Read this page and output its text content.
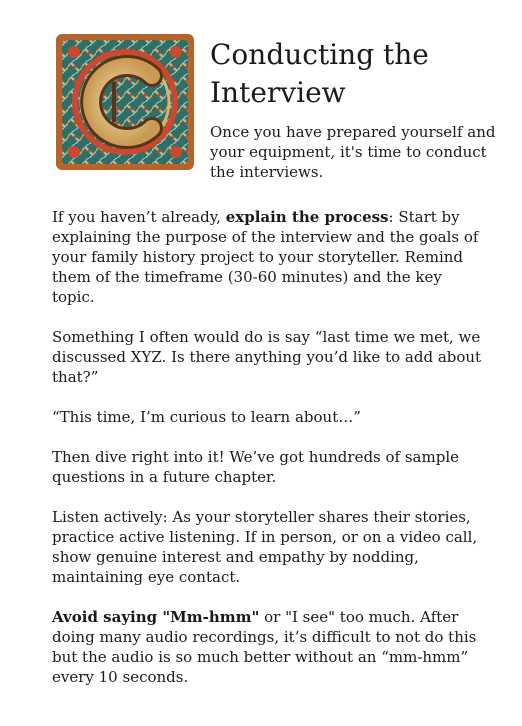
Conducting the
Interview

Once you have prepared yourself and your equipment, it's time to conduct the interviews.

If you haven’t already, explain the process: Start by explaining the purpose of the interview and the goals of your family history project to your storyteller. Remind them of the timeframe (30-60 minutes) and the key topic.

Something I often would do is say “last time we met, we discussed XYZ. Is there anything you’d like to add about that?”

“This time, I’m curious to learn about…”

Then dive right into it! We’ve got hundreds of sample questions in a future chapter.

Listen actively: As your storyteller shares their stories, practice active listening. If in person, or on a video call, show genuine interest and empathy by nodding, maintaining eye contact.

Avoid saying "Mm-hmm" or "I see" too much. After doing many audio recordings, it’s difficult to not do this but the audio is so much better without an “mm-hmm” every 10 seconds.
